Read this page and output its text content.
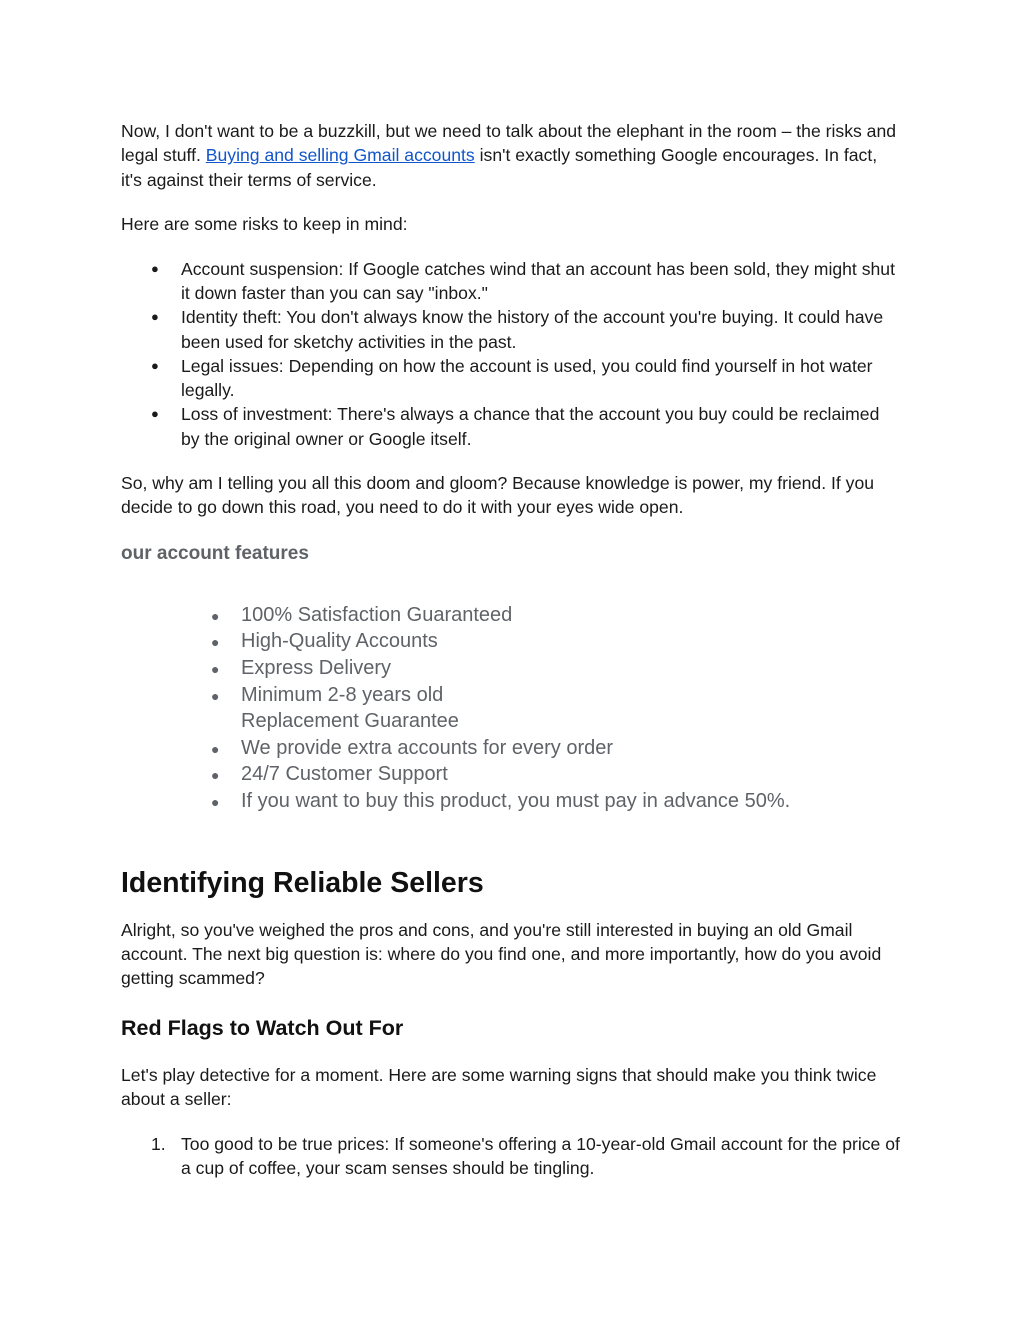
Now, I don't want to be a buzzkill, but we need to talk about the elephant in the room – the risks and legal stuff. Buying and selling Gmail accounts isn't exactly something Google encourages. In fact, it's against their terms of service.

Here are some risks to keep in mind:

● Account suspension: If Google catches wind that an account has been sold, they might shut it down faster than you can say "inbox."
● Identity theft: You don't always know the history of the account you're buying. It could have been used for sketchy activities in the past.
● Legal issues: Depending on how the account is used, you could find yourself in hot water legally.
● Loss of investment: There's always a chance that the account you buy could be reclaimed by the original owner or Google itself.

So, why am I telling you all this doom and gloom? Because knowledge is power, my friend. If you decide to go down this road, you need to do it with your eyes wide open.

our account features
● 100% Satisfaction Guaranteed
● High-Quality Accounts
● Express Delivery
● Minimum 2-8 years old
Replacement Guarantee
● We provide extra accounts for every order
● 24/7 Customer Support
● If you want to buy this product, you must pay in advance 50%.
Identifying Reliable Sellers

Alright, so you've weighed the pros and cons, and you're still interested in buying an old Gmail account. The next big question is: where do you find one, and more importantly, how do you avoid getting scammed?

Red Flags to Watch Out For

Let's play detective for a moment. Here are some warning signs that should make you think twice about a seller:

1. Too good to be true prices: If someone's offering a 10-year-old Gmail account for the price of a cup of coffee, your scam senses should be tingling.
